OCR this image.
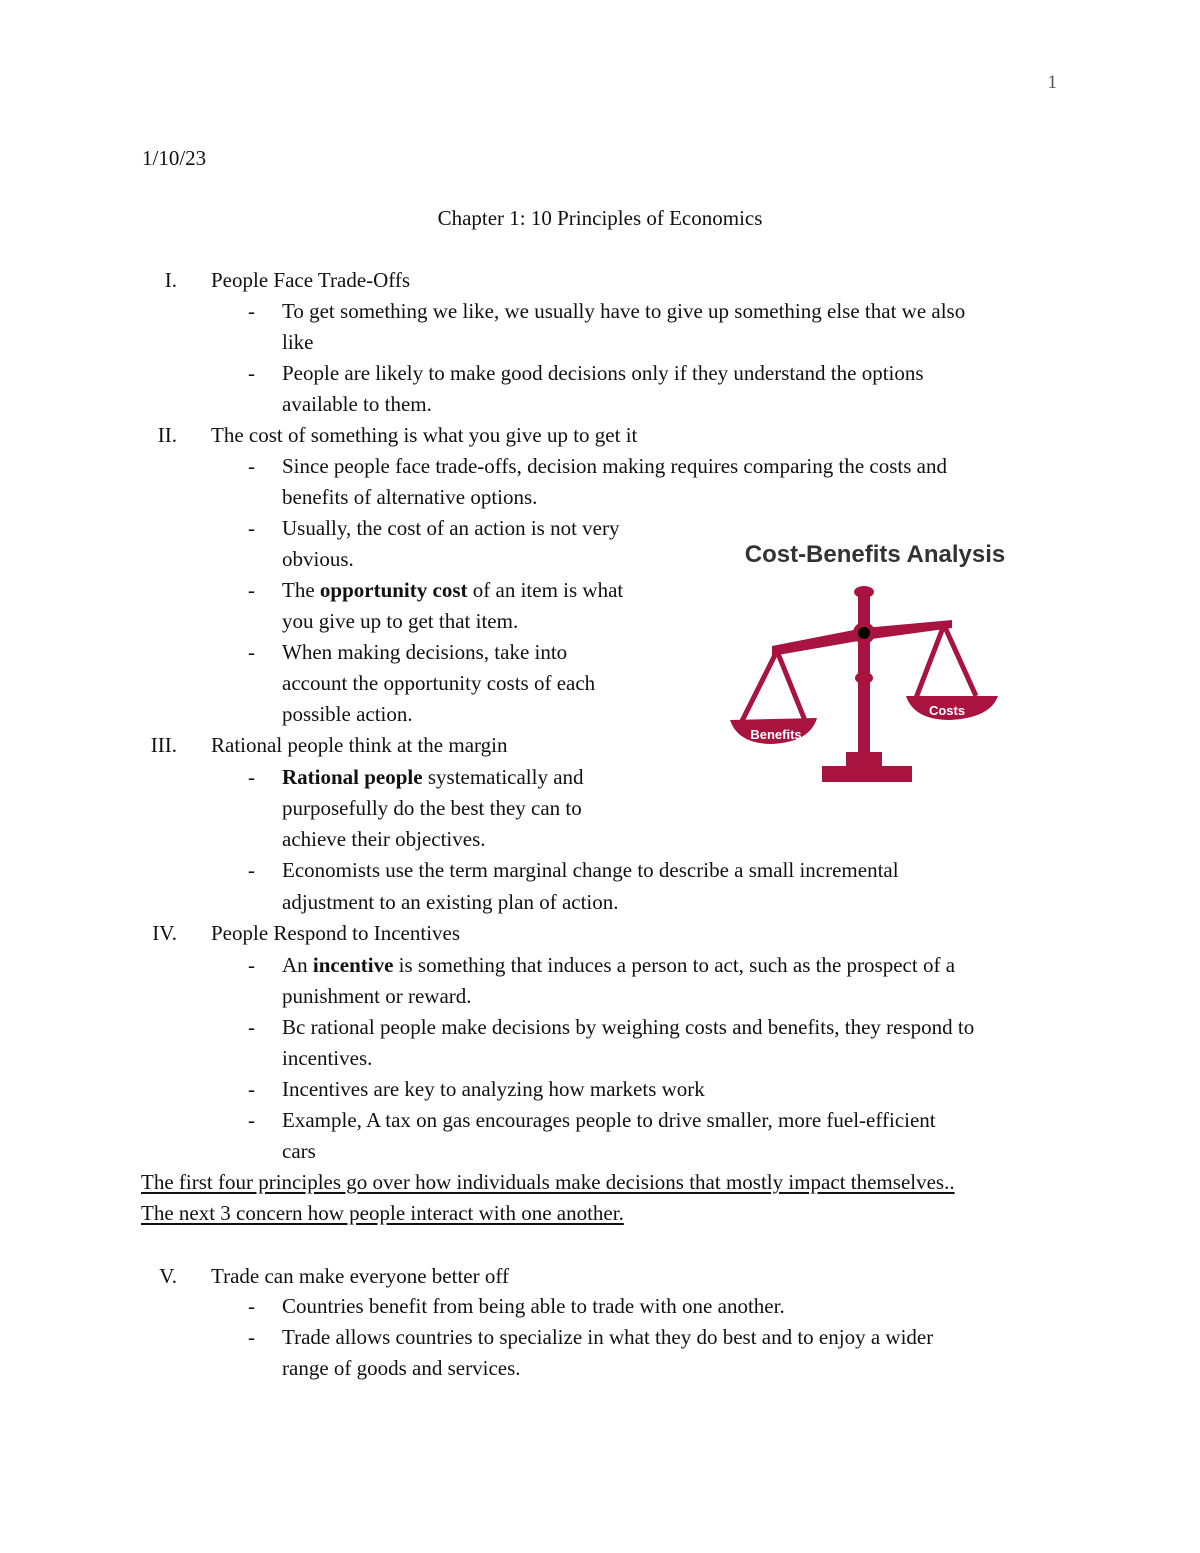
1
1/10/23
Chapter 1: 10 Principles of Economics
I. People Face Trade-Offs
- To get something we like, we usually have to give up something else that we also
like
- People are likely to make good decisions only if they understand the options
available to them.
II. The cost of something is what you give up to get it
- Since people face trade-offs, decision making requires comparing the costs and
benefits of alternative options.
- Usually, the cost of an action is not very
obvious.
- The opportunity cost of an item is what
you give up to get that item.
- When making decisions, take into
account the opportunity costs of each
possible action.
III. Rational people think at the margin
- Rational people systematically and
purposefully do the best they can to
achieve their objectives.
- Economists use the term marginal change to describe a small incremental
adjustment to an existing plan of action.
IV. People Respond to Incentives
- An incentive is something that induces a person to act, such as the prospect of a
punishment or reward.
- Bc rational people make decisions by weighing costs and benefits, they respond to
incentives.
- Incentives are key to analyzing how markets work
- Example, A tax on gas encourages people to drive smaller, more fuel-efficient
cars
The first four principles go over how individuals make decisions that mostly impact themselves..
The next 3 concern how people interact with one another.
V. Trade can make everyone better off
- Countries benefit from being able to trade with one another.
- Trade allows countries to specialize in what they do best and to enjoy a wider
range of goods and services.
Cost-Benefits Analysis
Benefits
Costs
